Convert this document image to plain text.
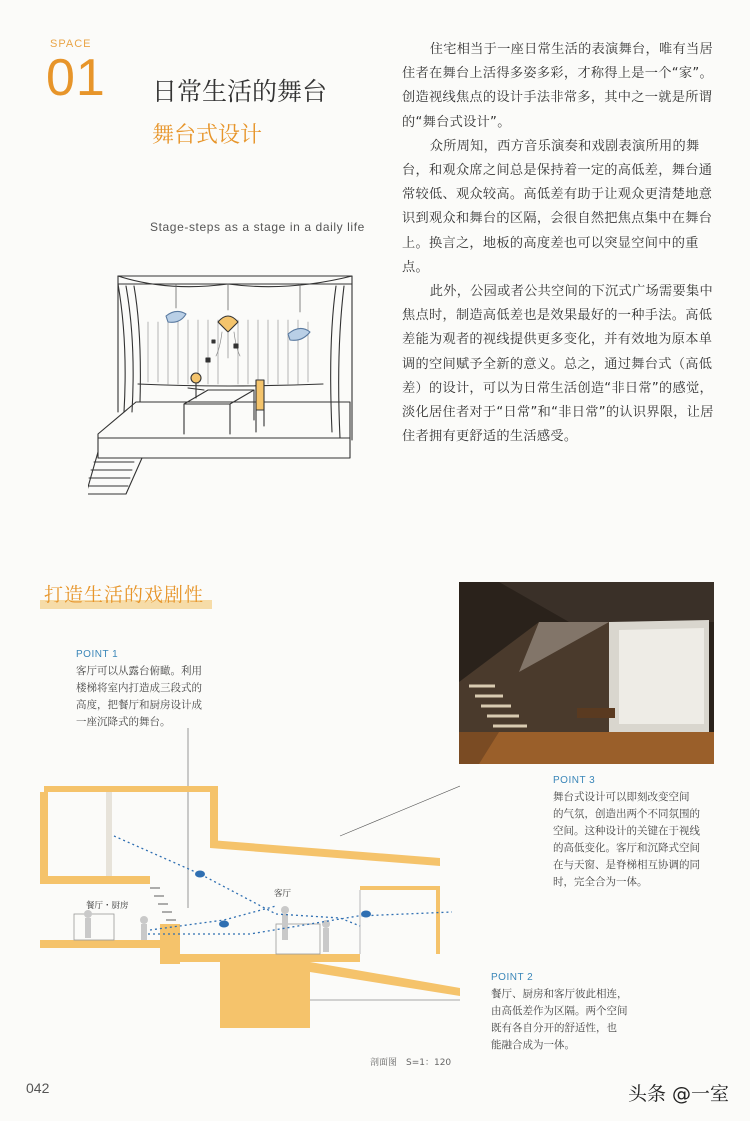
SPACE
01 日常生活的舞台
舞台式设计
Stage-steps as a stage in a daily life

住宅相当于一座日常生活的表演舞台，唯有当居住者在舞台上活得多姿多彩，才称得上是一个“家”。创造视线焦点的设计手法非常多，其中之一就是所谓的“舞台式设计”。

众所周知，西方音乐演奏和戏剧表演所用的舞台，和观众席之间总是保持着一定的高低差，舞台通常较低、观众较高。高低差有助于让观众更清楚地意识到观众和舞台的区隔，会很自然把焦点集中在舞台上。换言之，地板的高度差也可以突显空间中的重点。

此外，公园或者公共空间的下沉式广场需要集中焦点时，制造高低差也是效果最好的一种手法。高低差能为观者的视线提供更多变化，并有效地为原本单调的空间赋予全新的意义。总之，通过舞台式（高低差）的设计，可以为日常生活创造“非日常”的感觉，淡化居住者对于“日常”和“非日常”的认识界限，让居住者拥有更舒适的生活感受。

打造生活的戏剧性
POINT 1
客厅可以从露台俯瞰。利用
楼梯将室内打造成三段式的
高度，把餐厅和厨房设计成
一座沉降式的舞台。
POINT 3
舞台式设计可以即刻改变空间
的气氛，创造出两个不同氛围的
空间。这种设计的关键在于视线
的高低变化。客厅和沉降式空间
在与天窗、是脊梯相互协调的同
时，完全合为一体。
POINT 2
餐厅、厨房和客厅彼此相连，
由高低差作为区隔。两个空间
既有各自分开的舒适性，也
能融合成为一体。
餐厅・厨房
客厅
剖面图　S=1：120
042	头条 @一室
